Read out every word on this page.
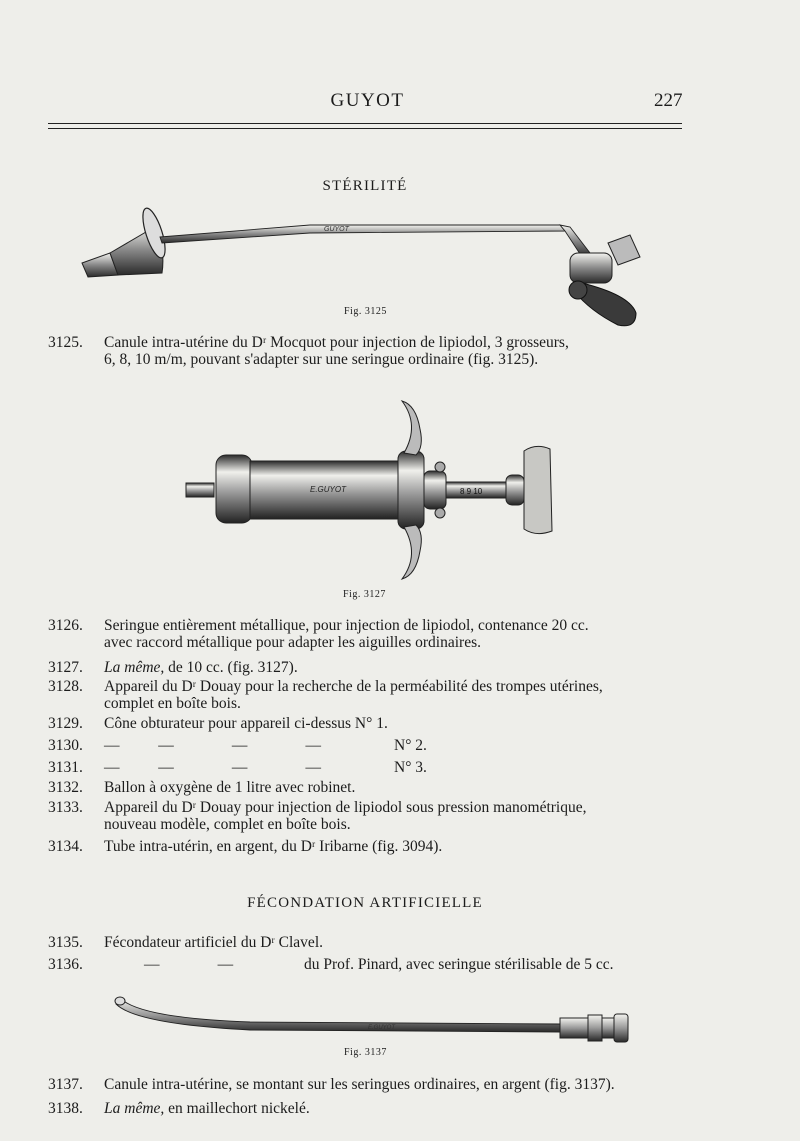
GUYOT	227
STÉRILITÉ
GUYOT
Fig. 3125
3125.	Canule intra-utérine du Dʳ Mocquot pour injection de lipiodol, 3 grosseurs,
6, 8, 10 m/m, pouvant s'adapter sur une seringue ordinaire (fig. 3125).
E.GUYOT	8 9 10
Fig. 3127
3126.	Seringue entièrement métallique, pour injection de lipiodol, contenance 20 cc.
avec raccord métallique pour adapter les aiguilles ordinaires.
3127.	La même, de 10 cc. (fig. 3127).
3128.	Appareil du Dʳ Douay pour la recherche de la perméabilité des trompes utérines,
complet en boîte bois.
3129.	Cône obturateur pour appareil ci-dessus N° 1.
3130.	—          —               —               —	N° 2.
3131.	—          —               —               —	N° 3.
3132.	Ballon à oxygène de 1 litre avec robinet.
3133.	Appareil du Dʳ Douay pour injection de lipiodol sous pression manométrique,
nouveau modèle, complet en boîte bois.
3134.	Tube intra-utérin, en argent, du Dʳ Iribarne (fig. 3094).
FÉCONDATION ARTIFICIELLE
3135.	Fécondateur artificiel du Dʳ Clavel.
3136.	—               —	du Prof. Pinard, avec seringue stérilisable de 5 cc.
E.GUYOT
Fig. 3137
3137.	Canule intra-utérine, se montant sur les seringues ordinaires, en argent (fig. 3137).
3138.	La même, en maillechort nickelé.
